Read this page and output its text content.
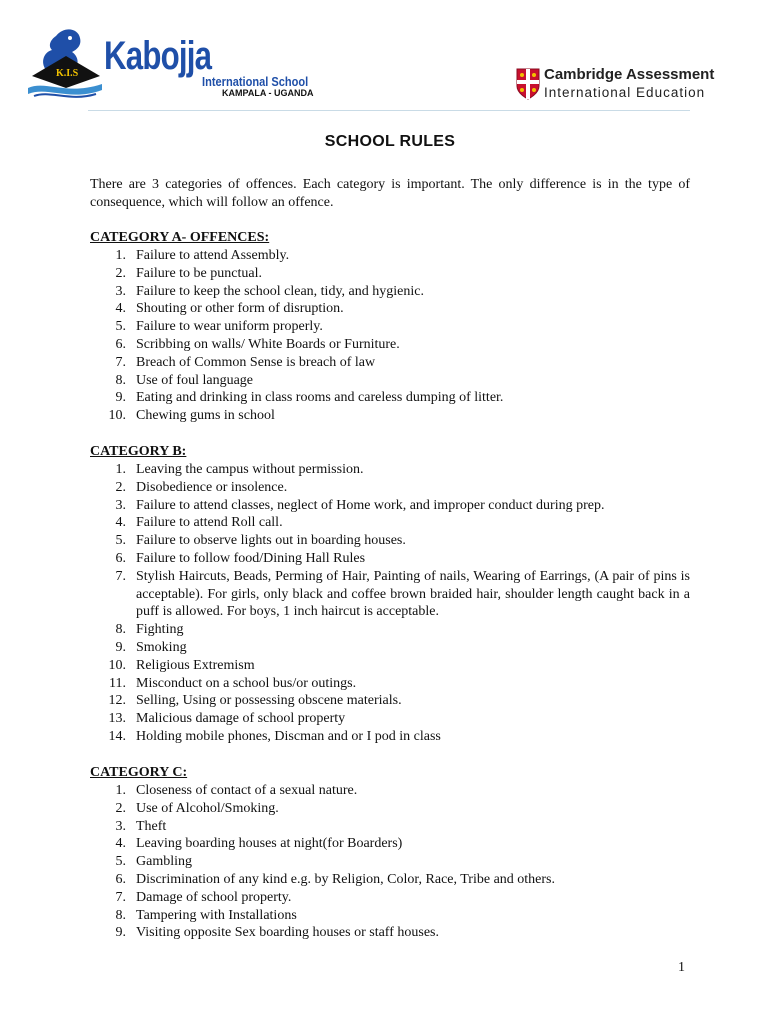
K.I.S Kabojja
International School
KAMPALA - UGANDA
Cambridge Assessment
International Education
SCHOOL RULES
There are 3 categories of offences. Each category is important. The only difference is in the type of consequence, which will follow an offence.
CATEGORY A- OFFENCES:
1. Failure to attend Assembly.
2. Failure to be punctual.
3. Failure to keep the school clean, tidy, and hygienic.
4. Shouting or other form of disruption.
5. Failure to wear uniform properly.
6. Scribbing on walls/ White Boards or Furniture.
7. Breach of Common Sense is breach of law
8. Use of foul language
9. Eating and drinking in class rooms and careless dumping of litter.
10. Chewing gums in school
CATEGORY B:
1. Leaving the campus without permission.
2. Disobedience or insolence.
3. Failure to attend classes, neglect of Home work, and improper conduct during prep.
4. Failure to attend Roll call.
5. Failure to observe lights out in boarding houses.
6. Failure to follow food/Dining Hall Rules
7. Stylish Haircuts, Beads, Perming of Hair, Painting of nails, Wearing of Earrings, (A pair of pins is acceptable). For girls, only black and coffee brown braided hair, shoulder length caught back in a puff is allowed. For boys, 1 inch haircut is acceptable.
8. Fighting
9. Smoking
10. Religious Extremism
11. Misconduct on a school bus/or outings.
12. Selling, Using or possessing obscene materials.
13. Malicious damage of school property
14. Holding mobile phones, Discman and or I pod in class
CATEGORY C:
1. Closeness of contact of a sexual nature.
2. Use of Alcohol/Smoking.
3. Theft
4. Leaving boarding houses at night(for Boarders)
5. Gambling
6. Discrimination of any kind e.g. by Religion, Color, Race, Tribe and others.
7. Damage of school property.
8. Tampering with Installations
9. Visiting opposite Sex boarding houses or staff houses.
1
